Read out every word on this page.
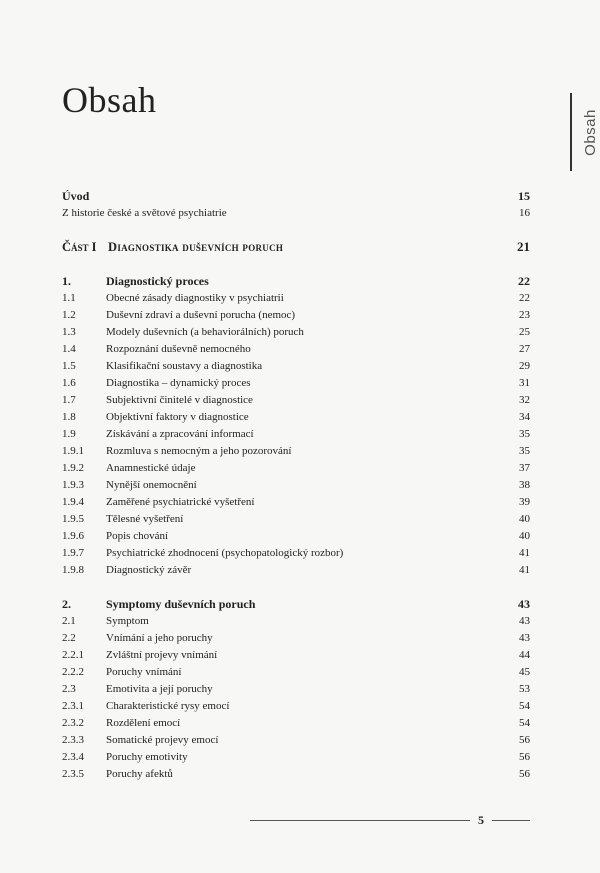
Obsah
Obsah
Úvod	15
Z historie české a světové psychiatrie	16
Část I Diagnostika duševních poruch	21
1.	Diagnostický proces	22
1.1	Obecné zásady diagnostiky v psychiatrii	22
1.2	Duševní zdraví a duševní porucha (nemoc)	23
1.3	Modely duševních (a behaviorálních) poruch	25
1.4	Rozpoznání duševně nemocného	27
1.5	Klasifikační soustavy a diagnostika	29
1.6	Diagnostika – dynamický proces	31
1.7	Subjektivní činitelé v diagnostice	32
1.8	Objektivní faktory v diagnostice	34
1.9	Získávání a zpracování informací	35
1.9.1	Rozmluva s nemocným a jeho pozorování	35
1.9.2	Anamnestické údaje	37
1.9.3	Nynější onemocnění	38
1.9.4	Zaměřené psychiatrické vyšetření	39
1.9.5	Tělesné vyšetření	40
1.9.6	Popis chování	40
1.9.7	Psychiatrické zhodnocení (psychopatologický rozbor)	41
1.9.8	Diagnostický závěr	41
2.	Symptomy duševních poruch	43
2.1	Symptom	43
2.2	Vnímání a jeho poruchy	43
2.2.1	Zvláštní projevy vnímání	44
2.2.2	Poruchy vnímání	45
2.3	Emotivita a její poruchy	53
2.3.1	Charakteristické rysy emocí	54
2.3.2	Rozdělení emocí	54
2.3.3	Somatické projevy emocí	56
2.3.4	Poruchy emotivity	56
2.3.5	Poruchy afektů	56
5
